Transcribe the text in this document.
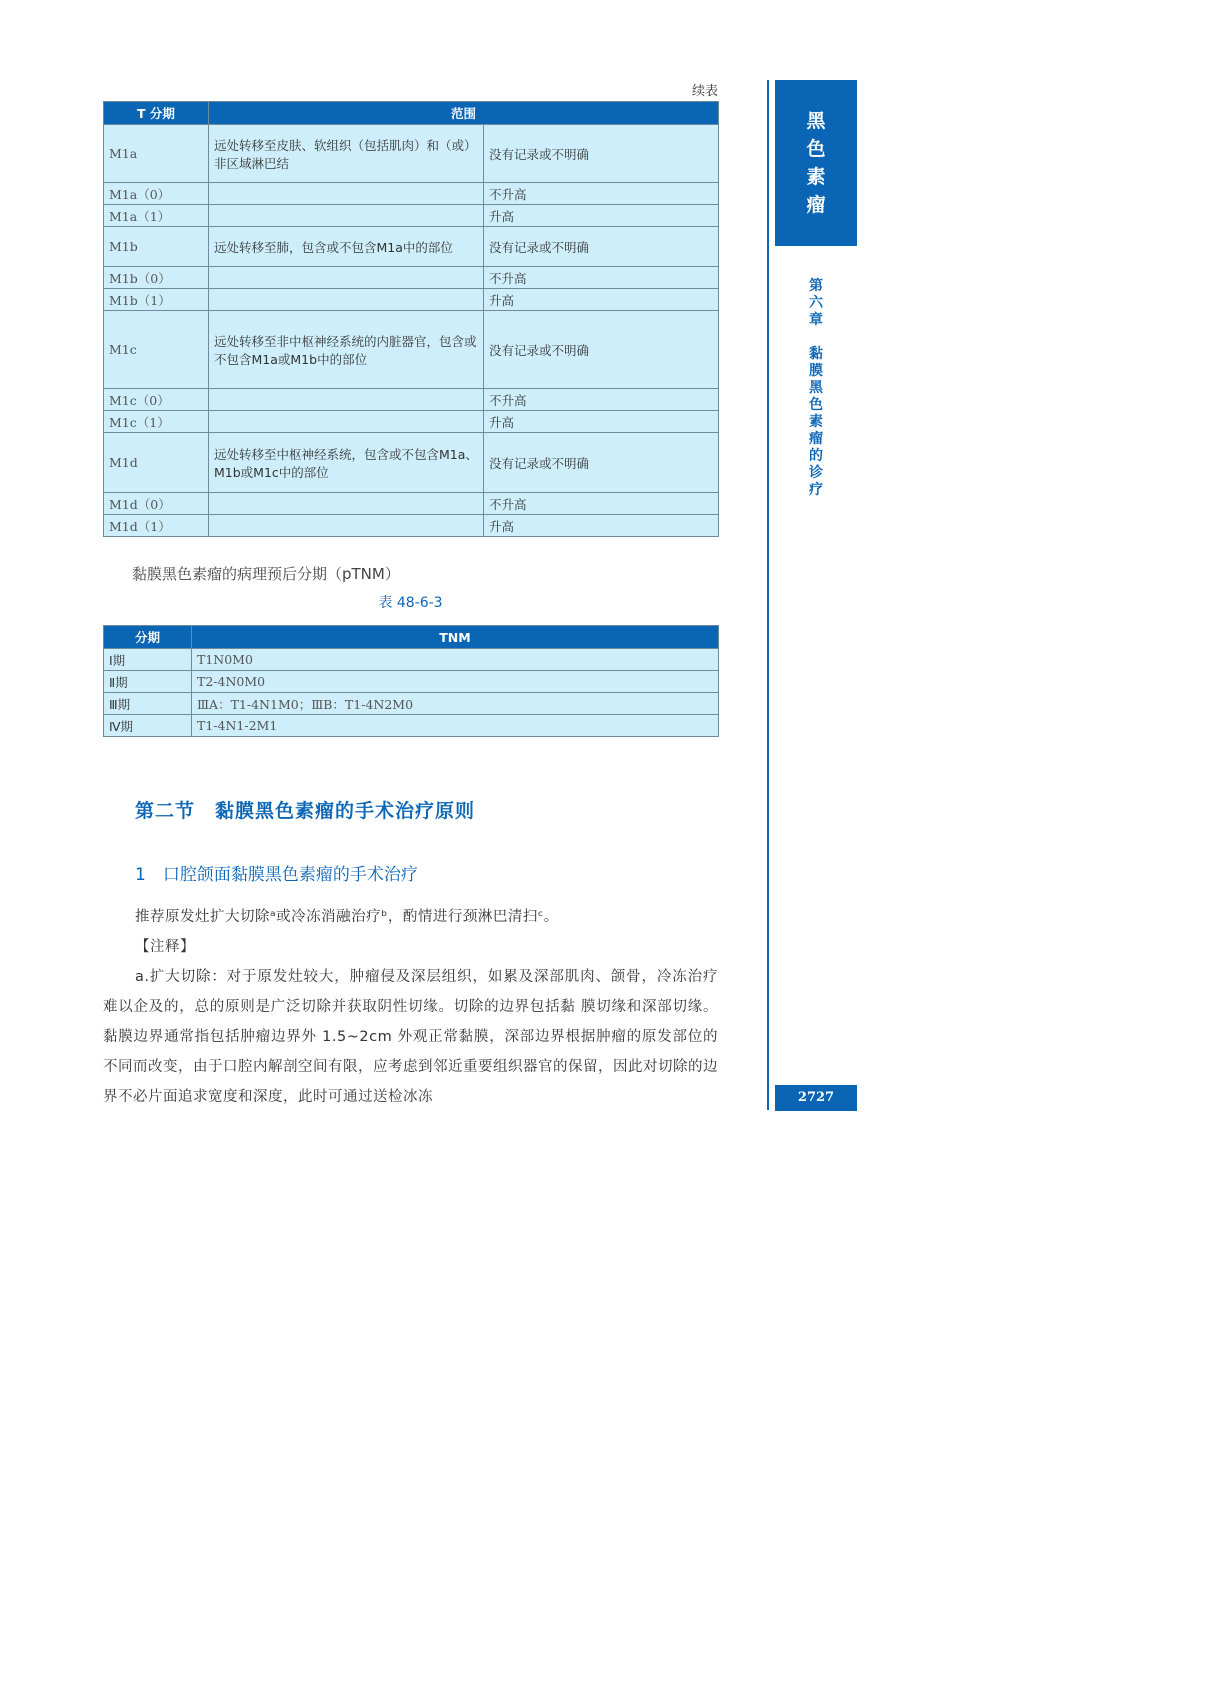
续表
T 分期	范围	
M1a	远处转移至皮肤、软组织（包括肌肉）和（或）非区域淋巴结	没有记录或不明确
M1a（0）		不升高
M1a（1）		升高
M1b	远处转移至肺，包含或不包含M1a中的部位	没有记录或不明确
M1b（0）		不升高
M1b（1）		升高
M1c	远处转移至非中枢神经系统的内脏器官，包含或不包含M1a或M1b中的部位	没有记录或不明确
M1c（0）		不升高
M1c（1）		升高
M1d	远处转移至中枢神经系统，包含或不包含M1a、M1b或M1c中的部位	没有记录或不明确
M1d（0）		不升高
M1d（1）		升高
黏膜黑色素瘤的病理预后分期（pTNM）
表 48-6-3
分期	TNM
Ⅰ期	T1N0M0
Ⅱ期	T2-4N0M0
Ⅲ期	ⅢA：T1-4N1M0；ⅢB：T1-4N2M0
Ⅳ期	T1-4N1-2M1
第二节　黏膜黑色素瘤的手术治疗原则
1　口腔颌面黏膜黑色素瘤的手术治疗
推荐原发灶扩大切除ᵃ或冷冻消融治疗ᵇ，酌情进行颈淋巴清扫ᶜ。
【注释】
a.扩大切除：对于原发灶较大，肿瘤侵及深层组织，如累及深部肌肉、颌骨，冷冻治疗难以企及的，总的原则是广泛切除并获取阴性切缘。切除的边界包括黏 膜切缘和深部切缘。黏膜边界通常指包括肿瘤边界外 1.5~2cm 外观正常黏膜，深部边界根据肿瘤的原发部位的不同而改变，由于口腔内解剖空间有限，应考虑到邻近重要组织器官的保留，因此对切除的边界不必片面追求宽度和深度，此时可通过送检冰冻
黑
色
素
瘤
第
六
章
黏
膜
黑
色
素
瘤
的
诊
疗
2727
